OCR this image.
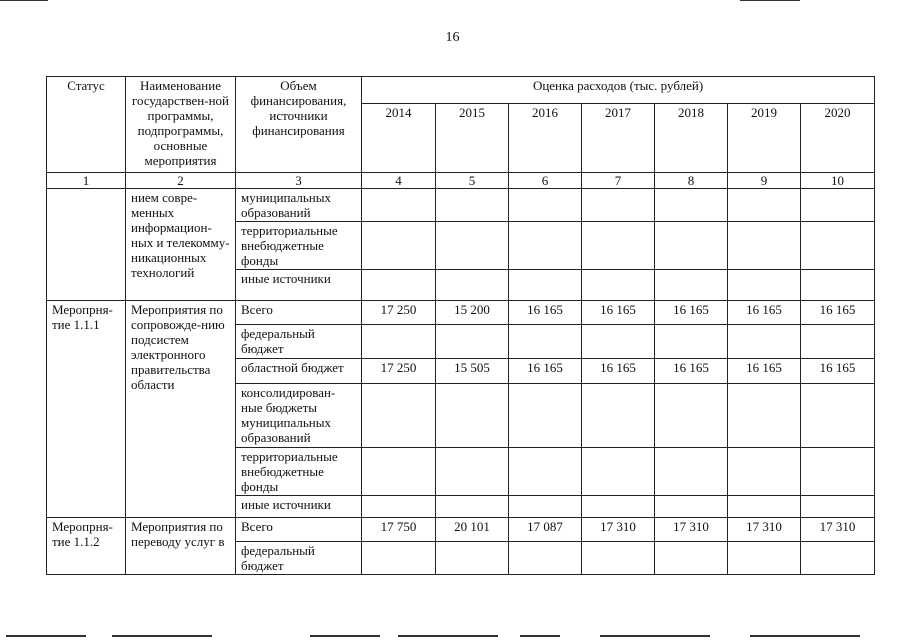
16
Статус	Наименование государствен-ной программы, подпрограммы, основные мероприятия	Объем финансирования, источники финансирования	Оценка расходов (тыс. рублей)						
			2014	2015	2016	2017	2018	2019	2020
1	2	3	4	5	6	7	8	9	10
	нием совре-менных информацион-ных и телекомму-никационных технологий	муниципальных образований							
		территориальные внебюджетные фонды							
		иные источники							
Меропрня-тие 1.1.1	Мероприятия по сопровожде-нию подсистем электронного правительства области	Всего	17 250	15 200	16 165	16 165	16 165	16 165	16 165
		федеральный бюджет							
		областной бюджет	17 250	15 505	16 165	16 165	16 165	16 165	16 165
		консолидирован-ные бюджеты муниципальных образований							
		территориальные внебюджетные фонды							
		иные источники							
Меропрня-тие 1.1.2	Мероприятия по переводу услуг в	Всего	17 750	20 101	17 087	17 310	17 310	17 310	17 310
		федеральный бюджет							
